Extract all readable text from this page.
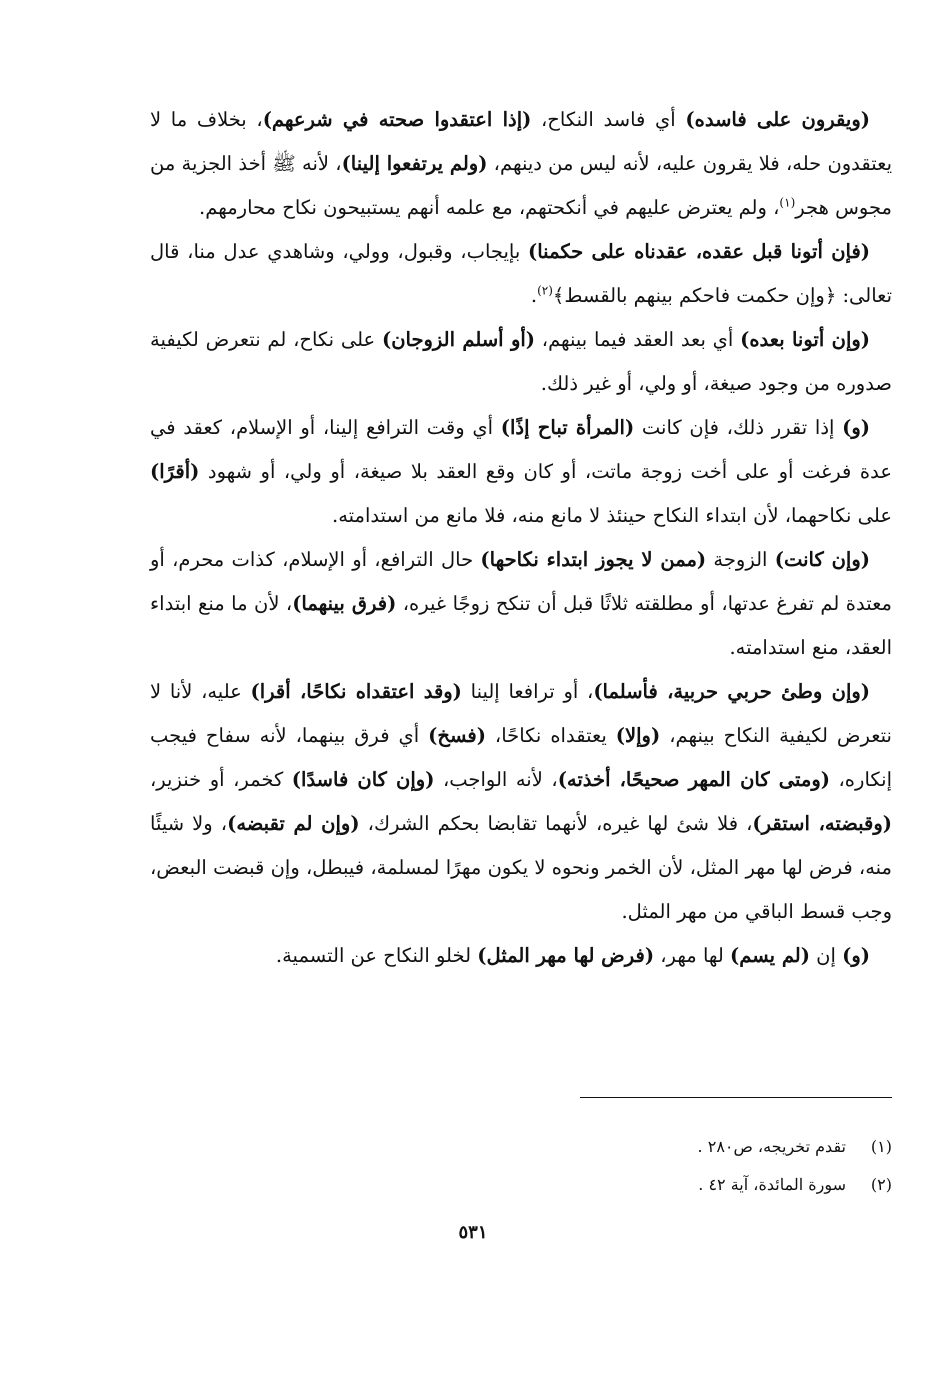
(ويقرون على فاسده) أي فاسد النكاح، (إذا اعتقدوا صحته في شرعهم)، بخلاف ما لا يعتقدون حله، فلا يقرون عليه، لأنه ليس من دينهم، (ولم يرتفعوا إلينا)، لأنه ﷺ أخذ الجزية من مجوس هجر$^{(١)}$، ولم يعترض عليهم في أنكحتهم، مع علمه أنهم يستبيحون نكاح محارمهم.

(فإن أتونا قبل عقده، عقدناه على حكمنا) بإيجاب، وقبول، وولي، وشاهدي عدل منا، قال تعالى: ﴿وإن حكمت فاحكم بينهم بالقسط﴾$^{(٢)}$.

(وإن أتونا بعده) أي بعد العقد فيما بينهم، (أو أسلم الزوجان) على نكاح، لم نتعرض لكيفية صدوره من وجود صيغة، أو ولي، أو غير ذلك.

(و) إذا تقرر ذلك، فإن كانت (المرأة تباح إذًا) أي وقت الترافع إلينا، أو الإسلام، كعقد في عدة فرغت أو على أخت زوجة ماتت، أو كان وقع العقد بلا صيغة، أو ولي، أو شهود (أقرًا) على نكاحهما، لأن ابتداء النكاح حينئذ لا مانع منه، فلا مانع من استدامته.

(وإن كانت) الزوجة (ممن لا يجوز ابتداء نكاحها) حال الترافع، أو الإسلام، كذات محرم، أو معتدة لم تفرغ عدتها، أو مطلقته ثلاثًا قبل أن تنكح زوجًا غيره، (فرق بينهما)، لأن ما منع ابتداء العقد، منع استدامته.

(وإن وطئ حربي حربية، فأسلما)، أو ترافعا إلينا (وقد اعتقداه نكاحًا، أقرا) عليه، لأنا لا نتعرض لكيفية النكاح بينهم، (وإلا) يعتقداه نكاحًا، (فسخ) أي فرق بينهما، لأنه سفاح فيجب إنكاره، (ومتى كان المهر صحيحًا، أخذته)، لأنه الواجب، (وإن كان فاسدًا) كخمر، أو خنزير، (وقبضته، استقر)، فلا شئ لها غيره، لأنهما تقابضا بحكم الشرك، (وإن لم تقبضه)، ولا شيئًا منه، فرض لها مهر المثل، لأن الخمر ونحوه لا يكون مهرًا لمسلمة، فيبطل، وإن قبضت البعض، وجب قسط الباقي من مهر المثل.

(و) إن (لم يسم) لها مهر، (فرض لها مهر المثل) لخلو النكاح عن التسمية.

(١)تقدم تخريجه، ص٢٨٠ .
(٢)سورة المائدة، آية ٤٢ .
٥٣١
